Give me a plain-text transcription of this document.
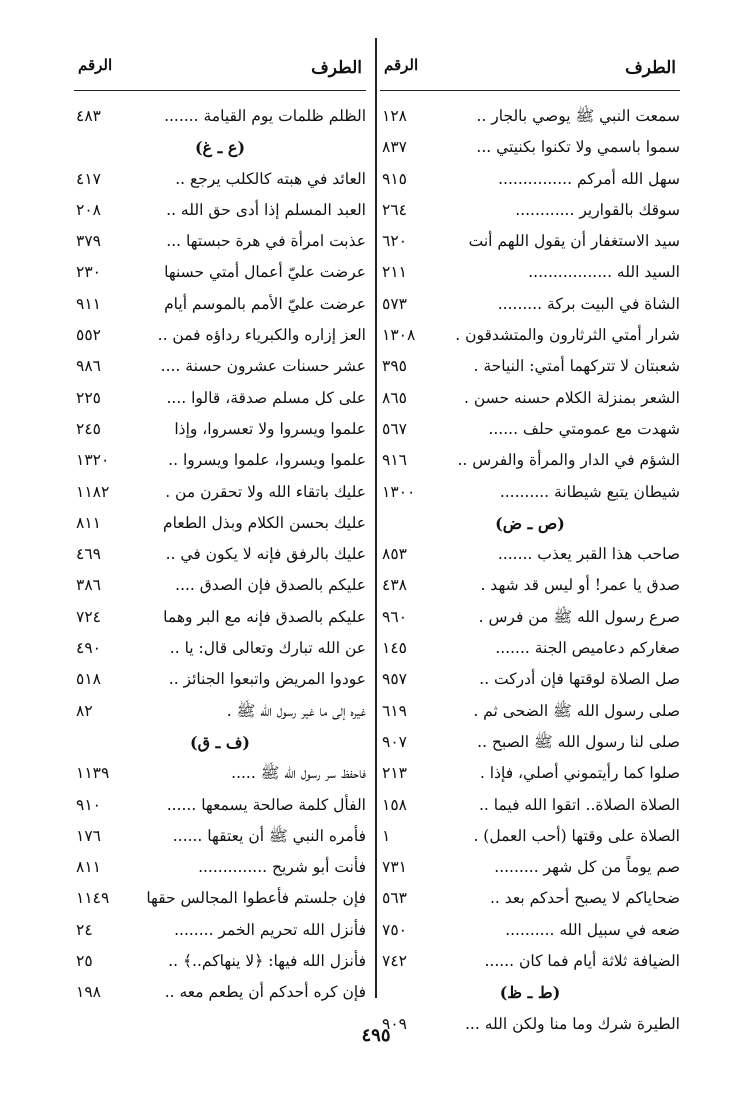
الطرف
الرقم
سمعت النبي ﷺ يوصي بالجار ..
١٢٨
سموا باسمي ولا تكنوا بكنيتي ...
٨٣٧
سهل الله أمركم ...............
٩١٥
سوقك بالقوارير ............
٢٦٤
سيد الاستغفار أن يقول اللهم أنت
٦٢٠
السيد الله .................
٢١١
الشاة في البيت بركة .........
٥٧٣
شرار أمتي الثرثارون والمتشدقون .
١٣٠٨
شعبتان لا تتركهما أمتي: النياحة .
٣٩٥
الشعر بمنزلة الكلام حسنه حسن .
٨٦٥
شهدت مع عمومتي حلف ......
٥٦٧
الشؤم في الدار والمرأة والفرس ..
٩١٦
شيطان يتبع شيطانة ..........
١٣٠٠
(ص ـ ض)
صاحب هذا القبر يعذب .......
٨٥٣
صدق يا عمر! أو ليس قد شهد .
٤٣٨
صرع رسول الله ﷺ من فرس .
٩٦٠
صغاركم دعاميص الجنة .......
١٤٥
صل الصلاة لوقتها فإن أدركت ..
٩٥٧
صلى رسول الله ﷺ الضحى ثم .
٦١٩
صلى لنا رسول الله ﷺ الصبح ..
٩٠٧
صلوا كما رأيتموني أصلي، فإذا .
٢١٣
الصلاة الصلاة.. اتقوا الله فيما ..
١٥٨
الصلاة على وقتها (أحب العمل) .
١
صم يوماً من كل شهر .........
٧٣١
ضحاياكم لا يصبح أحدكم بعد ..
٥٦٣
ضعه في سبيل الله ..........
٧٥٠
الضيافة ثلاثة أيام فما كان ......
٧٤٢
(ط ـ ظ)
الطيرة شرك وما منا ولكن الله ...
٩٠٩
الطرف
الرقم
الظلم ظلمات يوم القيامة .......
٤٨٣
(ع ـ غ)
العائد في هبته كالكلب يرجع ..
٤١٧
العبد المسلم إذا أدى حق الله ..
٢٠٨
عذبت امرأة في هرة حبستها ...
٣٧٩
عرضت عليّ أعمال أمتي حسنها
٢٣٠
عرضت عليّ الأمم بالموسم أيام
٩١١
العز إزاره والكبرياء رداؤه فمن ..
٥٥٢
عشر حسنات عشرون حسنة ....
٩٨٦
على كل مسلم صدقة، قالوا ....
٢٢٥
علموا ويسروا ولا تعسروا، وإذا
٢٤٥
علموا ويسروا، علموا ويسروا ..
١٣٢٠
عليك باتقاء الله ولا تحقرن من .
١١٨٢
عليك بحسن الكلام وبذل الطعام
٨١١
عليك بالرفق فإنه لا يكون في ..
٤٦٩
عليكم بالصدق فإن الصدق ....
٣٨٦
عليكم بالصدق فإنه مع البر وهما
٧٢٤
عن الله تبارك وتعالى قال: يا ..
٤٩٠
عودوا المريض واتبعوا الجنائز ..
٥١٨
غيره إلى ما غير رسول الله ﷺ .
٨٢
(ف ـ ق)
فاحفظ سر رسول الله ﷺ .....
١١٣٩
الفأل كلمة صالحة يسمعها ......
٩١٠
فأمره النبي ﷺ أن يعتقها ......
١٧٦
فأنت أبو شريح ..............
٨١١
فإن جلستم فأعطوا المجالس حقها
١١٤٩
فأنزل الله تحريم الخمر ........
٢٤
فأنزل الله فيها: ﴿لا ينهاكم..﴾ ..
٢٥
فإن كره أحدكم أن يطعم معه ..
١٩٨
٤٩٥
